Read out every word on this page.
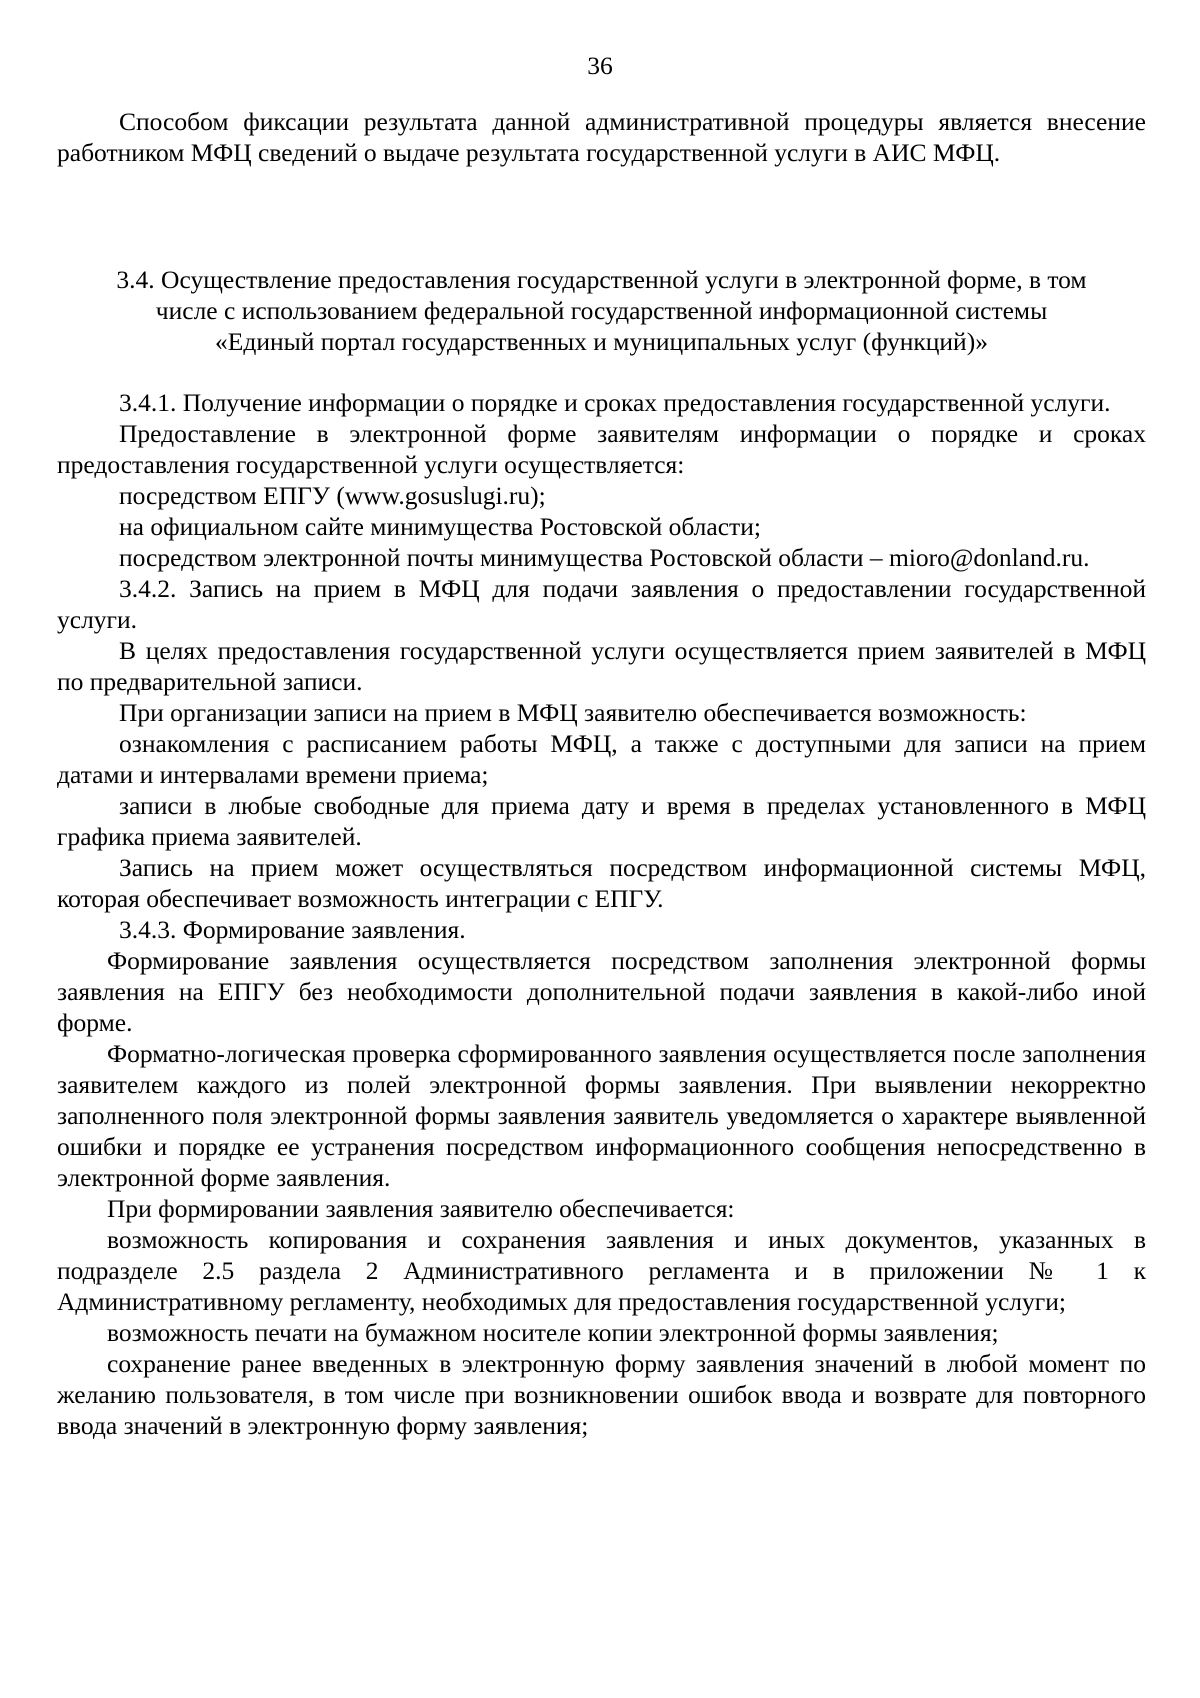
36

Способом фиксации результата данной административной процедуры является внесение работником МФЦ сведений о выдаче результата государственной услуги в АИС МФЦ.

3.4. Осуществление предоставления государственной услуги в электронной форме, в том

числе с использованием федеральной государственной информационной системы

«Единый портал государственных и муниципальных услуг (функций)»

3.4.1. Получение информации о порядке и сроках предоставления государственной услуги.

Предоставление в электронной форме заявителям информации о порядке и сроках предоставления государственной услуги осуществляется:

посредством ЕПГУ (www.gosuslugi.ru);

на официальном сайте минимущества Ростовской области;

посредством электронной почты минимущества Ростовской области – mioro@donland.ru.

3.4.2. Запись на прием в МФЦ для подачи заявления о предоставлении государственной услуги.

В целях предоставления государственной услуги осуществляется прием заявителей в МФЦ по предварительной записи.

При организации записи на прием в МФЦ заявителю обеспечивается возможность:

ознакомления с расписанием работы МФЦ, а также с доступными для записи на прием датами и интервалами времени приема;

записи в любые свободные для приема дату и время в пределах установленного в МФЦ графика приема заявителей.

Запись на прием может осуществляться посредством информационной системы МФЦ, которая обеспечивает возможность интеграции с ЕПГУ.

3.4.3. Формирование заявления.

Формирование заявления осуществляется посредством заполнения электронной формы заявления на ЕПГУ без необходимости дополнительной подачи заявления в какой-либо иной форме.

Форматно-логическая проверка сформированного заявления осуществляется после заполнения заявителем каждого из полей электронной формы заявления. При выявлении некорректно заполненного поля электронной формы заявления заявитель уведомляется о характере выявленной ошибки и порядке ее устранения посредством информационного сообщения непосредственно в электронной форме заявления.

При формировании заявления заявителю обеспечивается:

возможность копирования и сохранения заявления и иных документов, указанных в подразделе 2.5 раздела 2 Административного регламента и в приложении № 1 к Административному регламенту, необходимых для предоставления государственной услуги;

возможность печати на бумажном носителе копии электронной формы заявления;

сохранение ранее введенных в электронную форму заявления значений в любой момент по желанию пользователя, в том числе при возникновении ошибок ввода и возврате для повторного ввода значений в электронную форму заявления;
